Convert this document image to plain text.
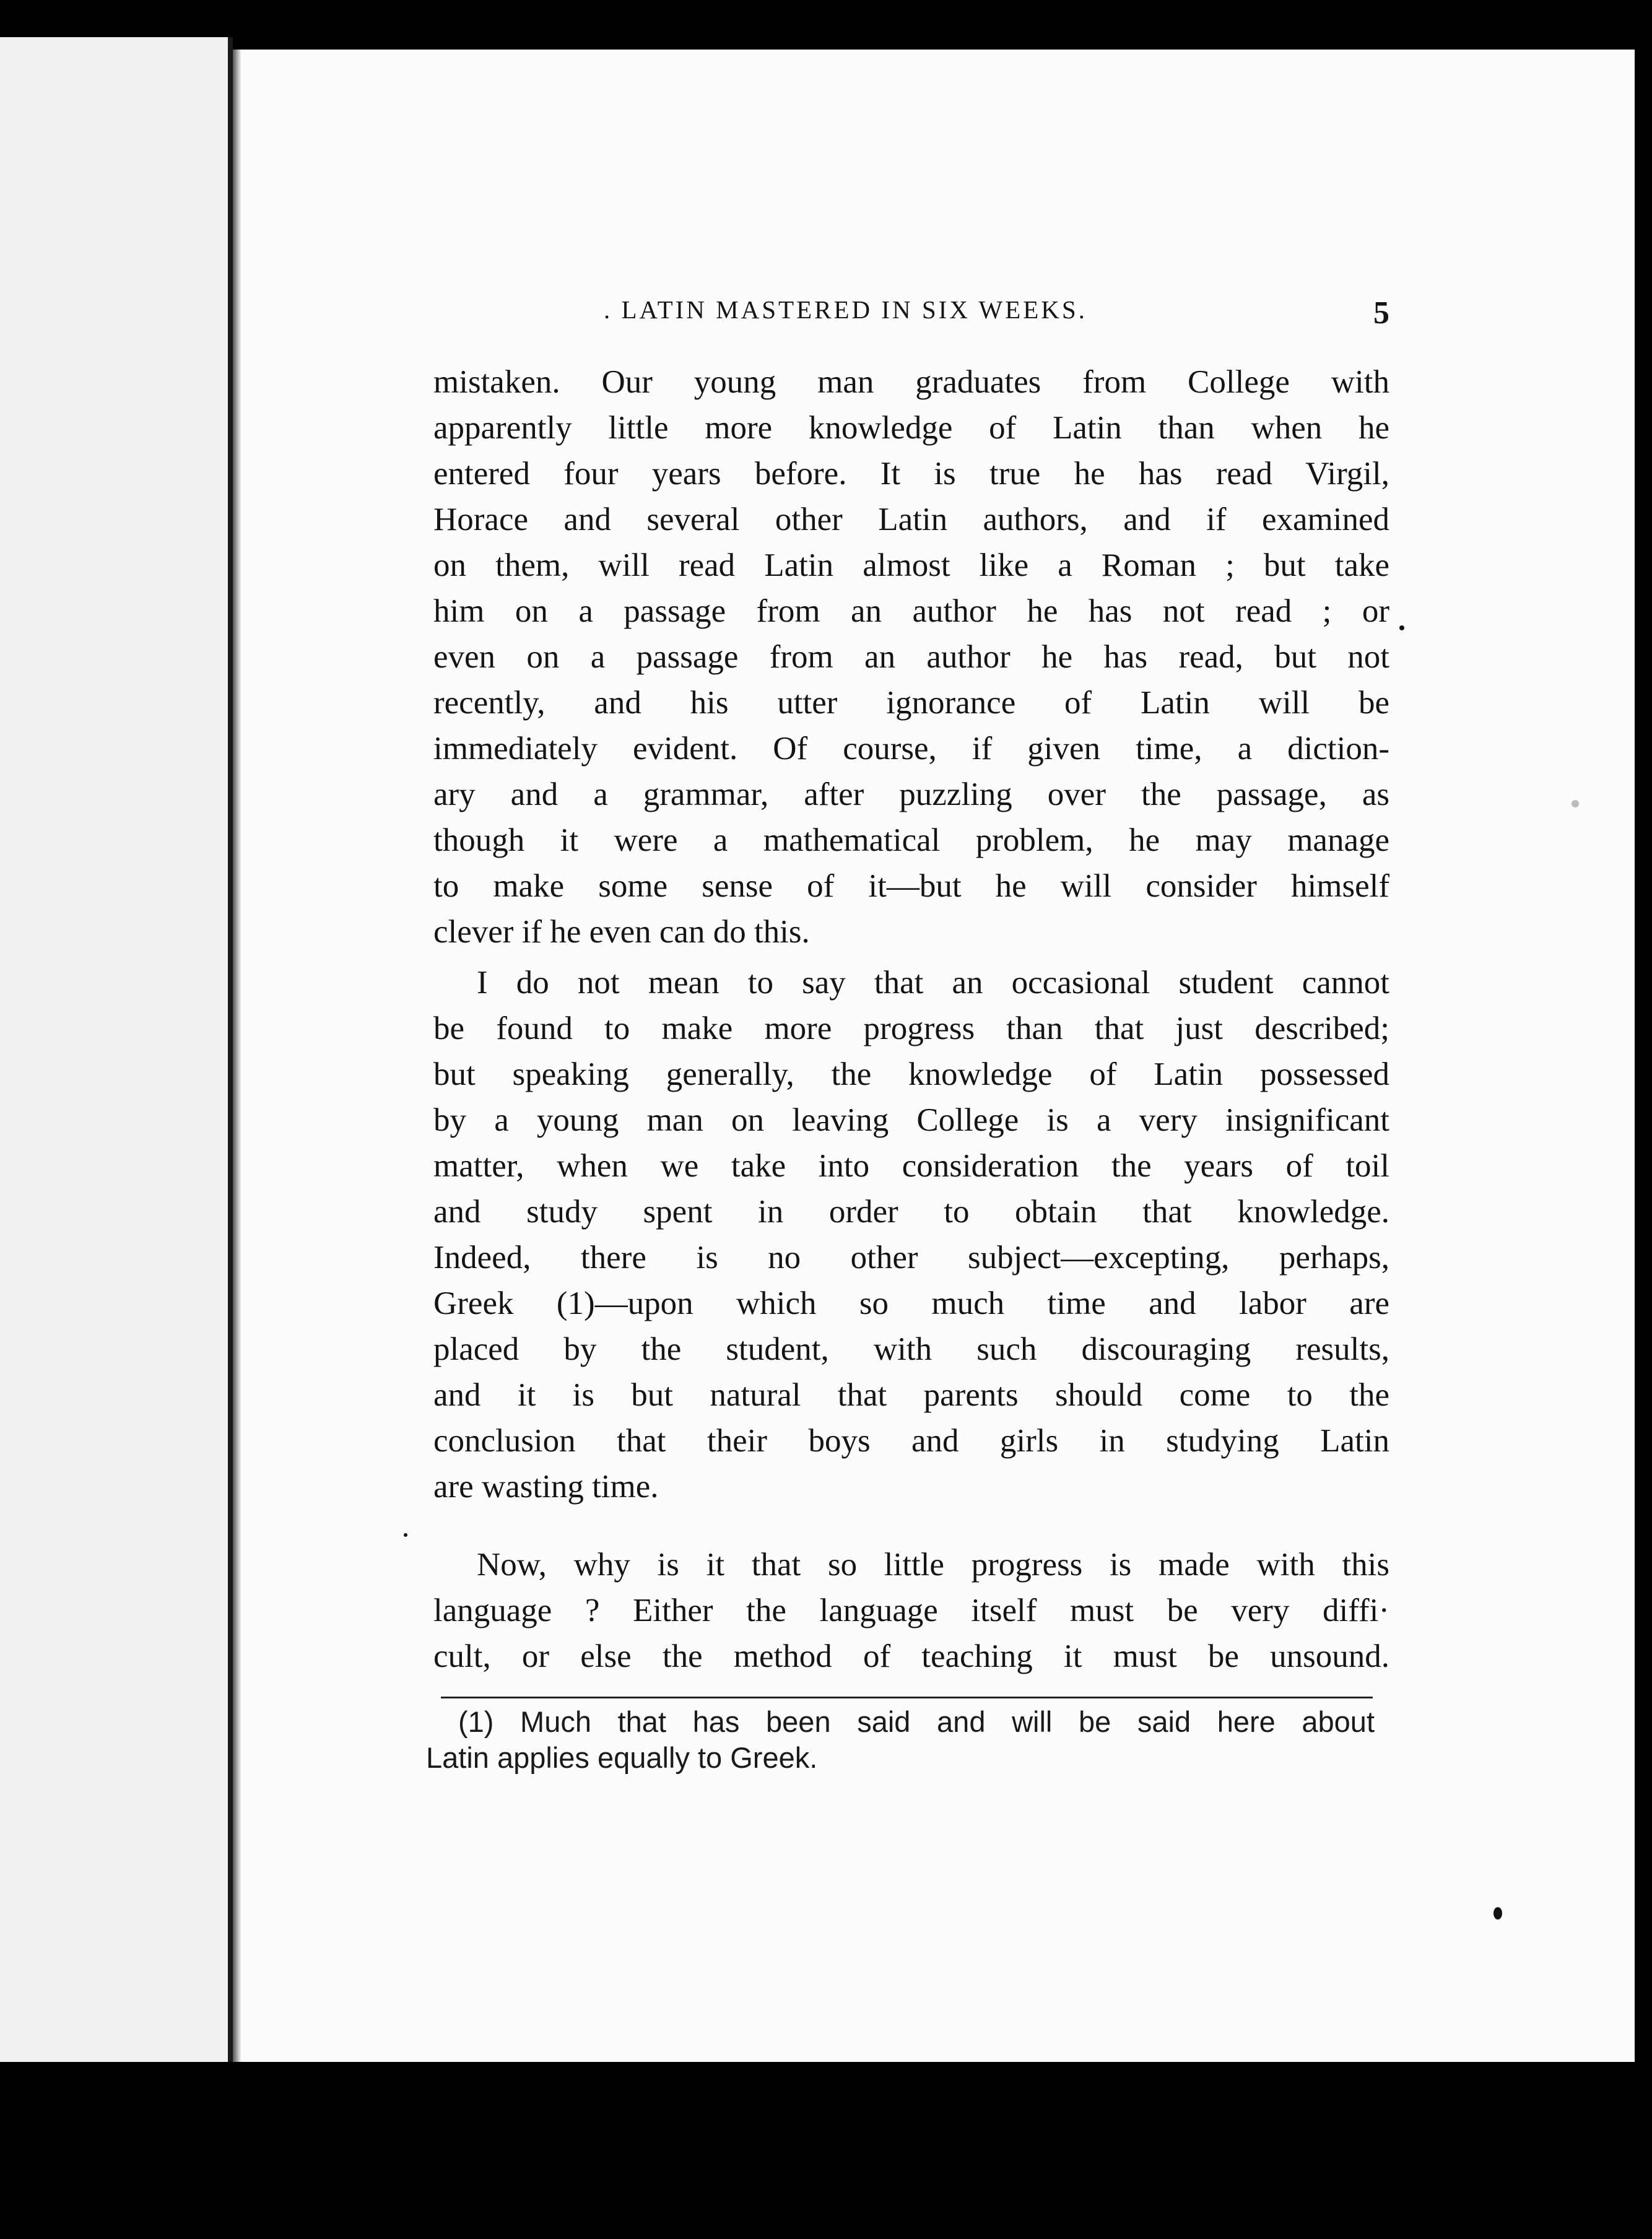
. LATIN MASTERED IN SIX WEEKS.	5
mistaken. Our young man graduates from College with
apparently little more knowledge of Latin than when he
entered four years before. It is true he has read Virgil,
Horace and several other Latin authors, and if examined
on them, will read Latin almost like a Roman ; but take
him on a passage from an author he has not read ; or
even on a passage from an author he has read, but not
recently, and his utter ignorance of Latin will be
immediately evident. Of course, if given time, a diction-
ary and a grammar, after puzzling over the passage, as
though it were a mathematical problem, he may manage
to make some sense of it—but he will consider himself
clever if he even can do this.
I do not mean to say that an occasional student cannot
be found to make more progress than that just described;
but speaking generally, the knowledge of Latin possessed
by a young man on leaving College is a very insignificant
matter, when we take into consideration the years of toil
and study spent in order to obtain that knowledge.
Indeed, there is no other subject—excepting, perhaps,
Greek (1)—upon which so much time and labor are
placed by the student, with such discouraging results,
and it is but natural that parents should come to the
conclusion that their boys and girls in studying Latin
are wasting time.
Now, why is it that so little progress is made with this
language ? Either the language itself must be very diffi·
cult, or else the method of teaching it must be unsound.
(1) Much that has been said and will be said here about
Latin applies equally to Greek.
